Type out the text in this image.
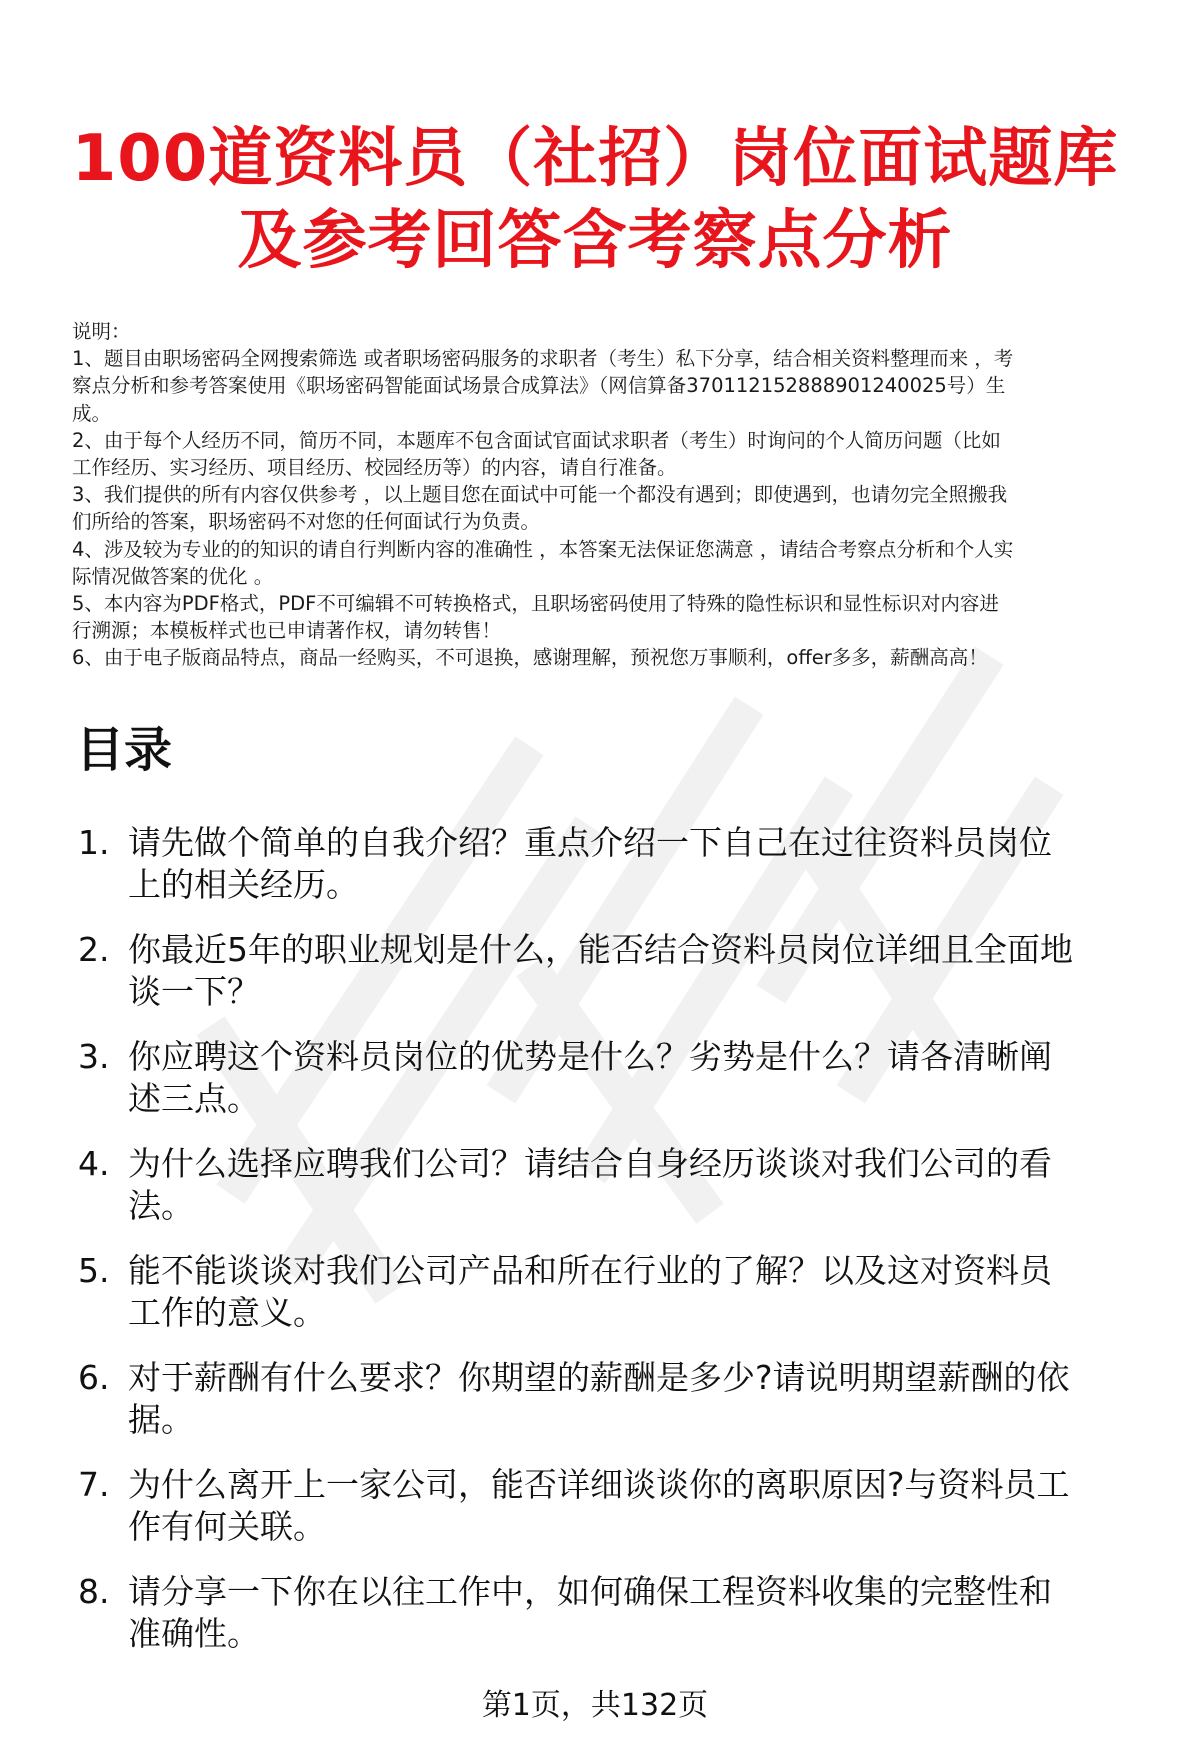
100道资料员（社招）岗位面试题库
及参考回答含考察点分析
说明：
1、题目由职场密码全网搜索筛选 或者职场密码服务的求职者（考生）私下分享，结合相关资料整理而来 ，考
察点分析和参考答案使用《职场密码智能面试场景合成算法》（网信算备370112152888901240025号）生
成。
2、由于每个人经历不同，简历不同，本题库不包含面试官面试求职者（考生）时询问的个人简历问题（比如
工作经历、实习经历、项目经历、校园经历等）的内容，请自行准备。
3、我们提供的所有内容仅供参考 ，以上题目您在面试中可能一个都没有遇到；即使遇到，也请勿完全照搬我
们所给的答案，职场密码不对您的任何面试行为负责。
4、涉及较为专业的的知识的请自行判断内容的准确性 ，本答案无法保证您满意 ，请结合考察点分析和个人实
际情况做答案的优化 。
5、本内容为PDF格式，PDF不可编辑不可转换格式，且职场密码使用了特殊的隐性标识和显性标识对内容进
行溯源；本模板样式也已申请著作权，请勿转售！
6、由于电子版商品特点，商品一经购买，不可退换，感谢理解，预祝您万事顺利，offer多多，薪酬高高！
目录
1. 请先做个简单的自我介绍？重点介绍一下自己在过往资料员岗位
上的相关经历。
2. 你最近5年的职业规划是什么，能否结合资料员岗位详细且全面地
谈一下？
3. 你应聘这个资料员岗位的优势是什么？劣势是什么？请各清晰阐
述三点。
4. 为什么选择应聘我们公司？请结合自身经历谈谈对我们公司的看
法。
5. 能不能谈谈对我们公司产品和所在行业的了解？以及这对资料员
工作的意义。
6. 对于薪酬有什么要求？你期望的薪酬是多少?请说明期望薪酬的依
据。
7. 为什么离开上一家公司，能否详细谈谈你的离职原因?与资料员工
作有何关联。
8. 请分享一下你在以往工作中，如何确保工程资料收集的完整性和
准确性。
第1页，共132页
